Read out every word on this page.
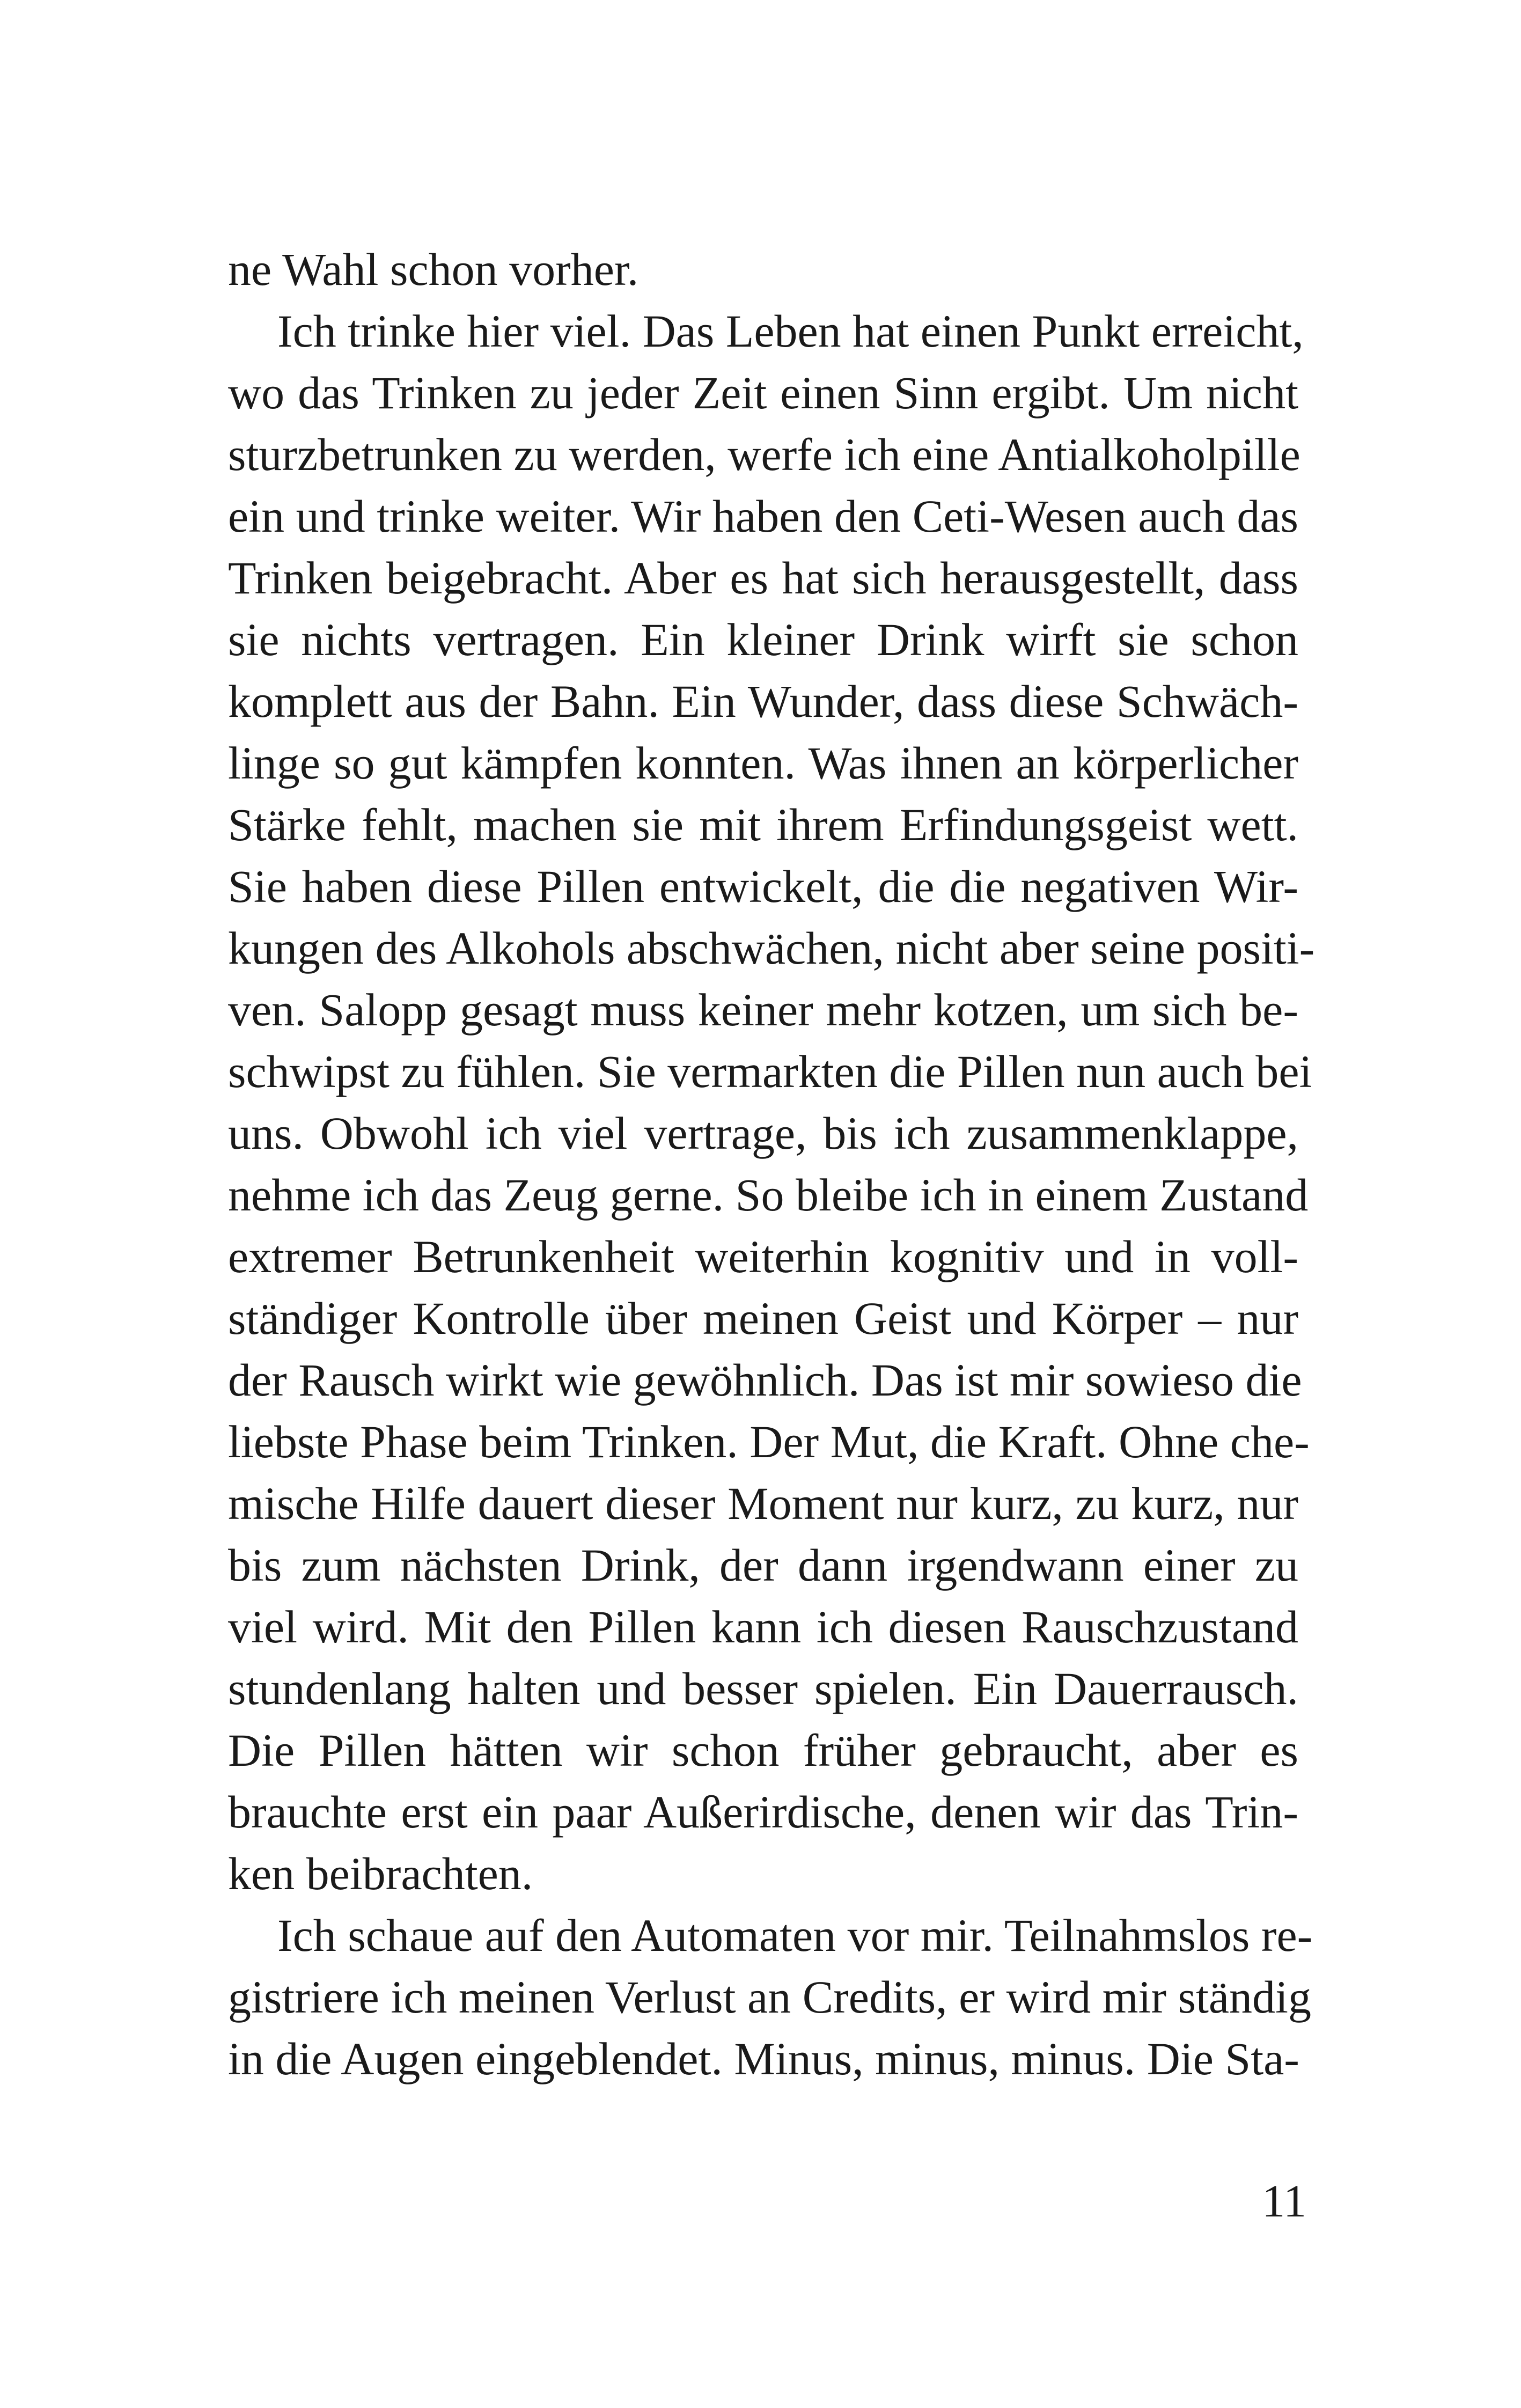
ne Wahl schon vorher.
Ich trinke hier viel. Das Leben hat einen Punkt erreicht,
wo das Trinken zu jeder Zeit einen Sinn ergibt. Um nicht
sturzbetrunken zu werden, werfe ich eine Antialkoholpille
ein und trinke weiter. Wir haben den Ceti-Wesen auch das
Trinken beigebracht. Aber es hat sich herausgestellt, dass
sie nichts vertragen. Ein kleiner Drink wirft sie schon
komplett aus der Bahn. Ein Wunder, dass diese Schwäch-
linge so gut kämpfen konnten. Was ihnen an körperlicher
Stärke fehlt, machen sie mit ihrem Erfindungsgeist wett.
Sie haben diese Pillen entwickelt, die die negativen Wir-
kungen des Alkohols abschwächen, nicht aber seine positi-
ven. Salopp gesagt muss keiner mehr kotzen, um sich be-
schwipst zu fühlen. Sie vermarkten die Pillen nun auch bei
uns. Obwohl ich viel vertrage, bis ich zusammenklappe,
nehme ich das Zeug gerne. So bleibe ich in einem Zustand
extremer Betrunkenheit weiterhin kognitiv und in voll-
ständiger Kontrolle über meinen Geist und Körper – nur
der Rausch wirkt wie gewöhnlich. Das ist mir sowieso die
liebste Phase beim Trinken. Der Mut, die Kraft. Ohne che-
mische Hilfe dauert dieser Moment nur kurz, zu kurz, nur
bis zum nächsten Drink, der dann irgendwann einer zu
viel wird. Mit den Pillen kann ich diesen Rauschzustand
stundenlang halten und besser spielen. Ein Dauerrausch.
Die Pillen hätten wir schon früher gebraucht, aber es
brauchte erst ein paar Außerirdische, denen wir das Trin-
ken beibrachten.
Ich schaue auf den Automaten vor mir. Teilnahmslos re-
gistriere ich meinen Verlust an Credits, er wird mir ständig
in die Augen eingeblendet. Minus, minus, minus. Die Sta-
11
